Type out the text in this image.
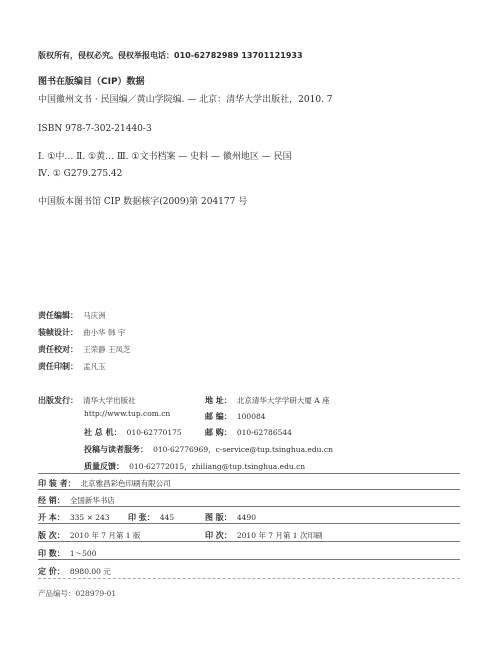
版权所有，侵权必究。侵权举报电话：010-62782989 13701121933
图书在版编目（CIP）数据
中国徽州文书 · 民国编／黄山学院编. — 北京：清华大学出版社，2010. 7
ISBN 978-7-302-21440-3
Ⅰ. ①中… Ⅱ. ①黄… Ⅲ. ①文书档案 — 史料 — 徽州地区 — 民国
Ⅳ. ① G279.275.42
中国版本图书馆 CIP 数据核字(2009)第 204177 号
责任编辑： 马庆洲
装帧设计： 曲小华 韩 宇
责任校对： 王荣静 王凤芝
责任印制： 孟凡玉
出版发行： 清华大学出版社	地 址： 北京清华大学学研大厦 A 座
http://www.tup.com.cn	邮 编： 100084
社 总 机： 010-62770175	邮 购： 010-62786544
投稿与读者服务： 010-62776969，c-service@tup.tsinghua.edu.cn
质量反馈： 010-62772015，zhiliang@tup.tsinghua.edu.cn
印 装 者： 北京雅昌彩色印刷有限公司
经 销： 全国新华书店
开 本： 335 × 243 印 张： 445	图 版： 4490
版 次： 2010 年 7 月第 1 版	印 次： 2010 年 7 月第 1 次印刷
印 数： 1～500
定 价： 8980.00 元
产品编号：028979-01
